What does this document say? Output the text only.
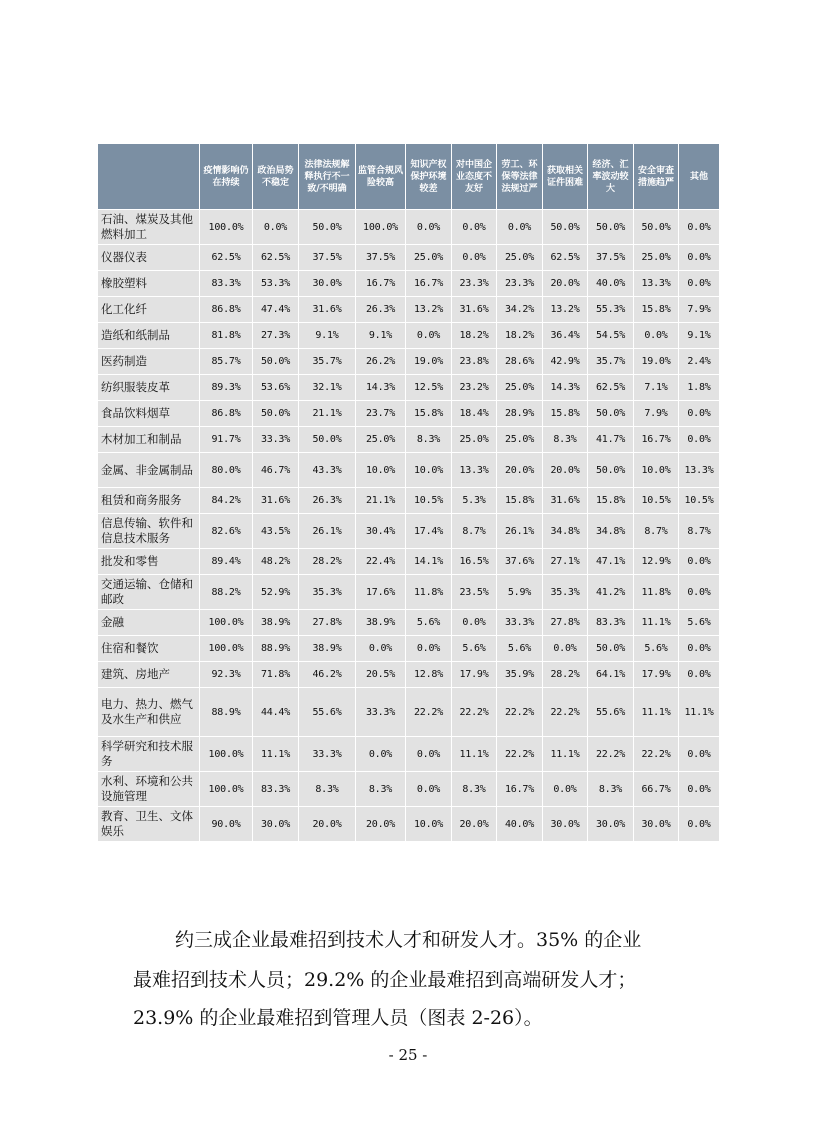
	疫情影响仍在持续	政治局势不稳定	法律法规解释执行不一致/不明确	监管合规风险较高	知识产权保护环境较差	对中国企业态度不友好	劳工、环保等法律法规过严	获取相关证件困难	经济、汇率波动较大	安全审查措施趋严	其他
石油、煤炭及其他燃料加工	100.0%	0.0%	50.0%	100.0%	0.0%	0.0%	0.0%	50.0%	50.0%	50.0%	0.0%
仪器仪表	62.5%	62.5%	37.5%	37.5%	25.0%	0.0%	25.0%	62.5%	37.5%	25.0%	0.0%
橡胶塑料	83.3%	53.3%	30.0%	16.7%	16.7%	23.3%	23.3%	20.0%	40.0%	13.3%	0.0%
化工化纤	86.8%	47.4%	31.6%	26.3%	13.2%	31.6%	34.2%	13.2%	55.3%	15.8%	7.9%
造纸和纸制品	81.8%	27.3%	9.1%	9.1%	0.0%	18.2%	18.2%	36.4%	54.5%	0.0%	9.1%
医药制造	85.7%	50.0%	35.7%	26.2%	19.0%	23.8%	28.6%	42.9%	35.7%	19.0%	2.4%
纺织服装皮革	89.3%	53.6%	32.1%	14.3%	12.5%	23.2%	25.0%	14.3%	62.5%	7.1%	1.8%
食品饮料烟草	86.8%	50.0%	21.1%	23.7%	15.8%	18.4%	28.9%	15.8%	50.0%	7.9%	0.0%
木材加工和制品	91.7%	33.3%	50.0%	25.0%	8.3%	25.0%	25.0%	8.3%	41.7%	16.7%	0.0%
金属、非金属制品	80.0%	46.7%	43.3%	10.0%	10.0%	13.3%	20.0%	20.0%	50.0%	10.0%	13.3%
租赁和商务服务	84.2%	31.6%	26.3%	21.1%	10.5%	5.3%	15.8%	31.6%	15.8%	10.5%	10.5%
信息传输、软件和信息技术服务	82.6%	43.5%	26.1%	30.4%	17.4%	8.7%	26.1%	34.8%	34.8%	8.7%	8.7%
批发和零售	89.4%	48.2%	28.2%	22.4%	14.1%	16.5%	37.6%	27.1%	47.1%	12.9%	0.0%
交通运输、仓储和邮政	88.2%	52.9%	35.3%	17.6%	11.8%	23.5%	5.9%	35.3%	41.2%	11.8%	0.0%
金融	100.0%	38.9%	27.8%	38.9%	5.6%	0.0%	33.3%	27.8%	83.3%	11.1%	5.6%
住宿和餐饮	100.0%	88.9%	38.9%	0.0%	0.0%	5.6%	5.6%	0.0%	50.0%	5.6%	0.0%
建筑、房地产	92.3%	71.8%	46.2%	20.5%	12.8%	17.9%	35.9%	28.2%	64.1%	17.9%	0.0%
电力、热力、燃气及水生产和供应	88.9%	44.4%	55.6%	33.3%	22.2%	22.2%	22.2%	22.2%	55.6%	11.1%	11.1%
科学研究和技术服务	100.0%	11.1%	33.3%	0.0%	0.0%	11.1%	22.2%	11.1%	22.2%	22.2%	0.0%
水利、环境和公共设施管理	100.0%	83.3%	8.3%	8.3%	0.0%	8.3%	16.7%	0.0%	8.3%	66.7%	0.0%
教育、卫生、文体娱乐	90.0%	30.0%	20.0%	20.0%	10.0%	20.0%	40.0%	30.0%	30.0%	30.0%	0.0%
约三成企业最难招到技术人才和研发人才。35% 的企业
最难招到技术人员；29.2% 的企业最难招到高端研发人才；
23.9% 的企业最难招到管理人员（图表 2-26）。
- 25 -
